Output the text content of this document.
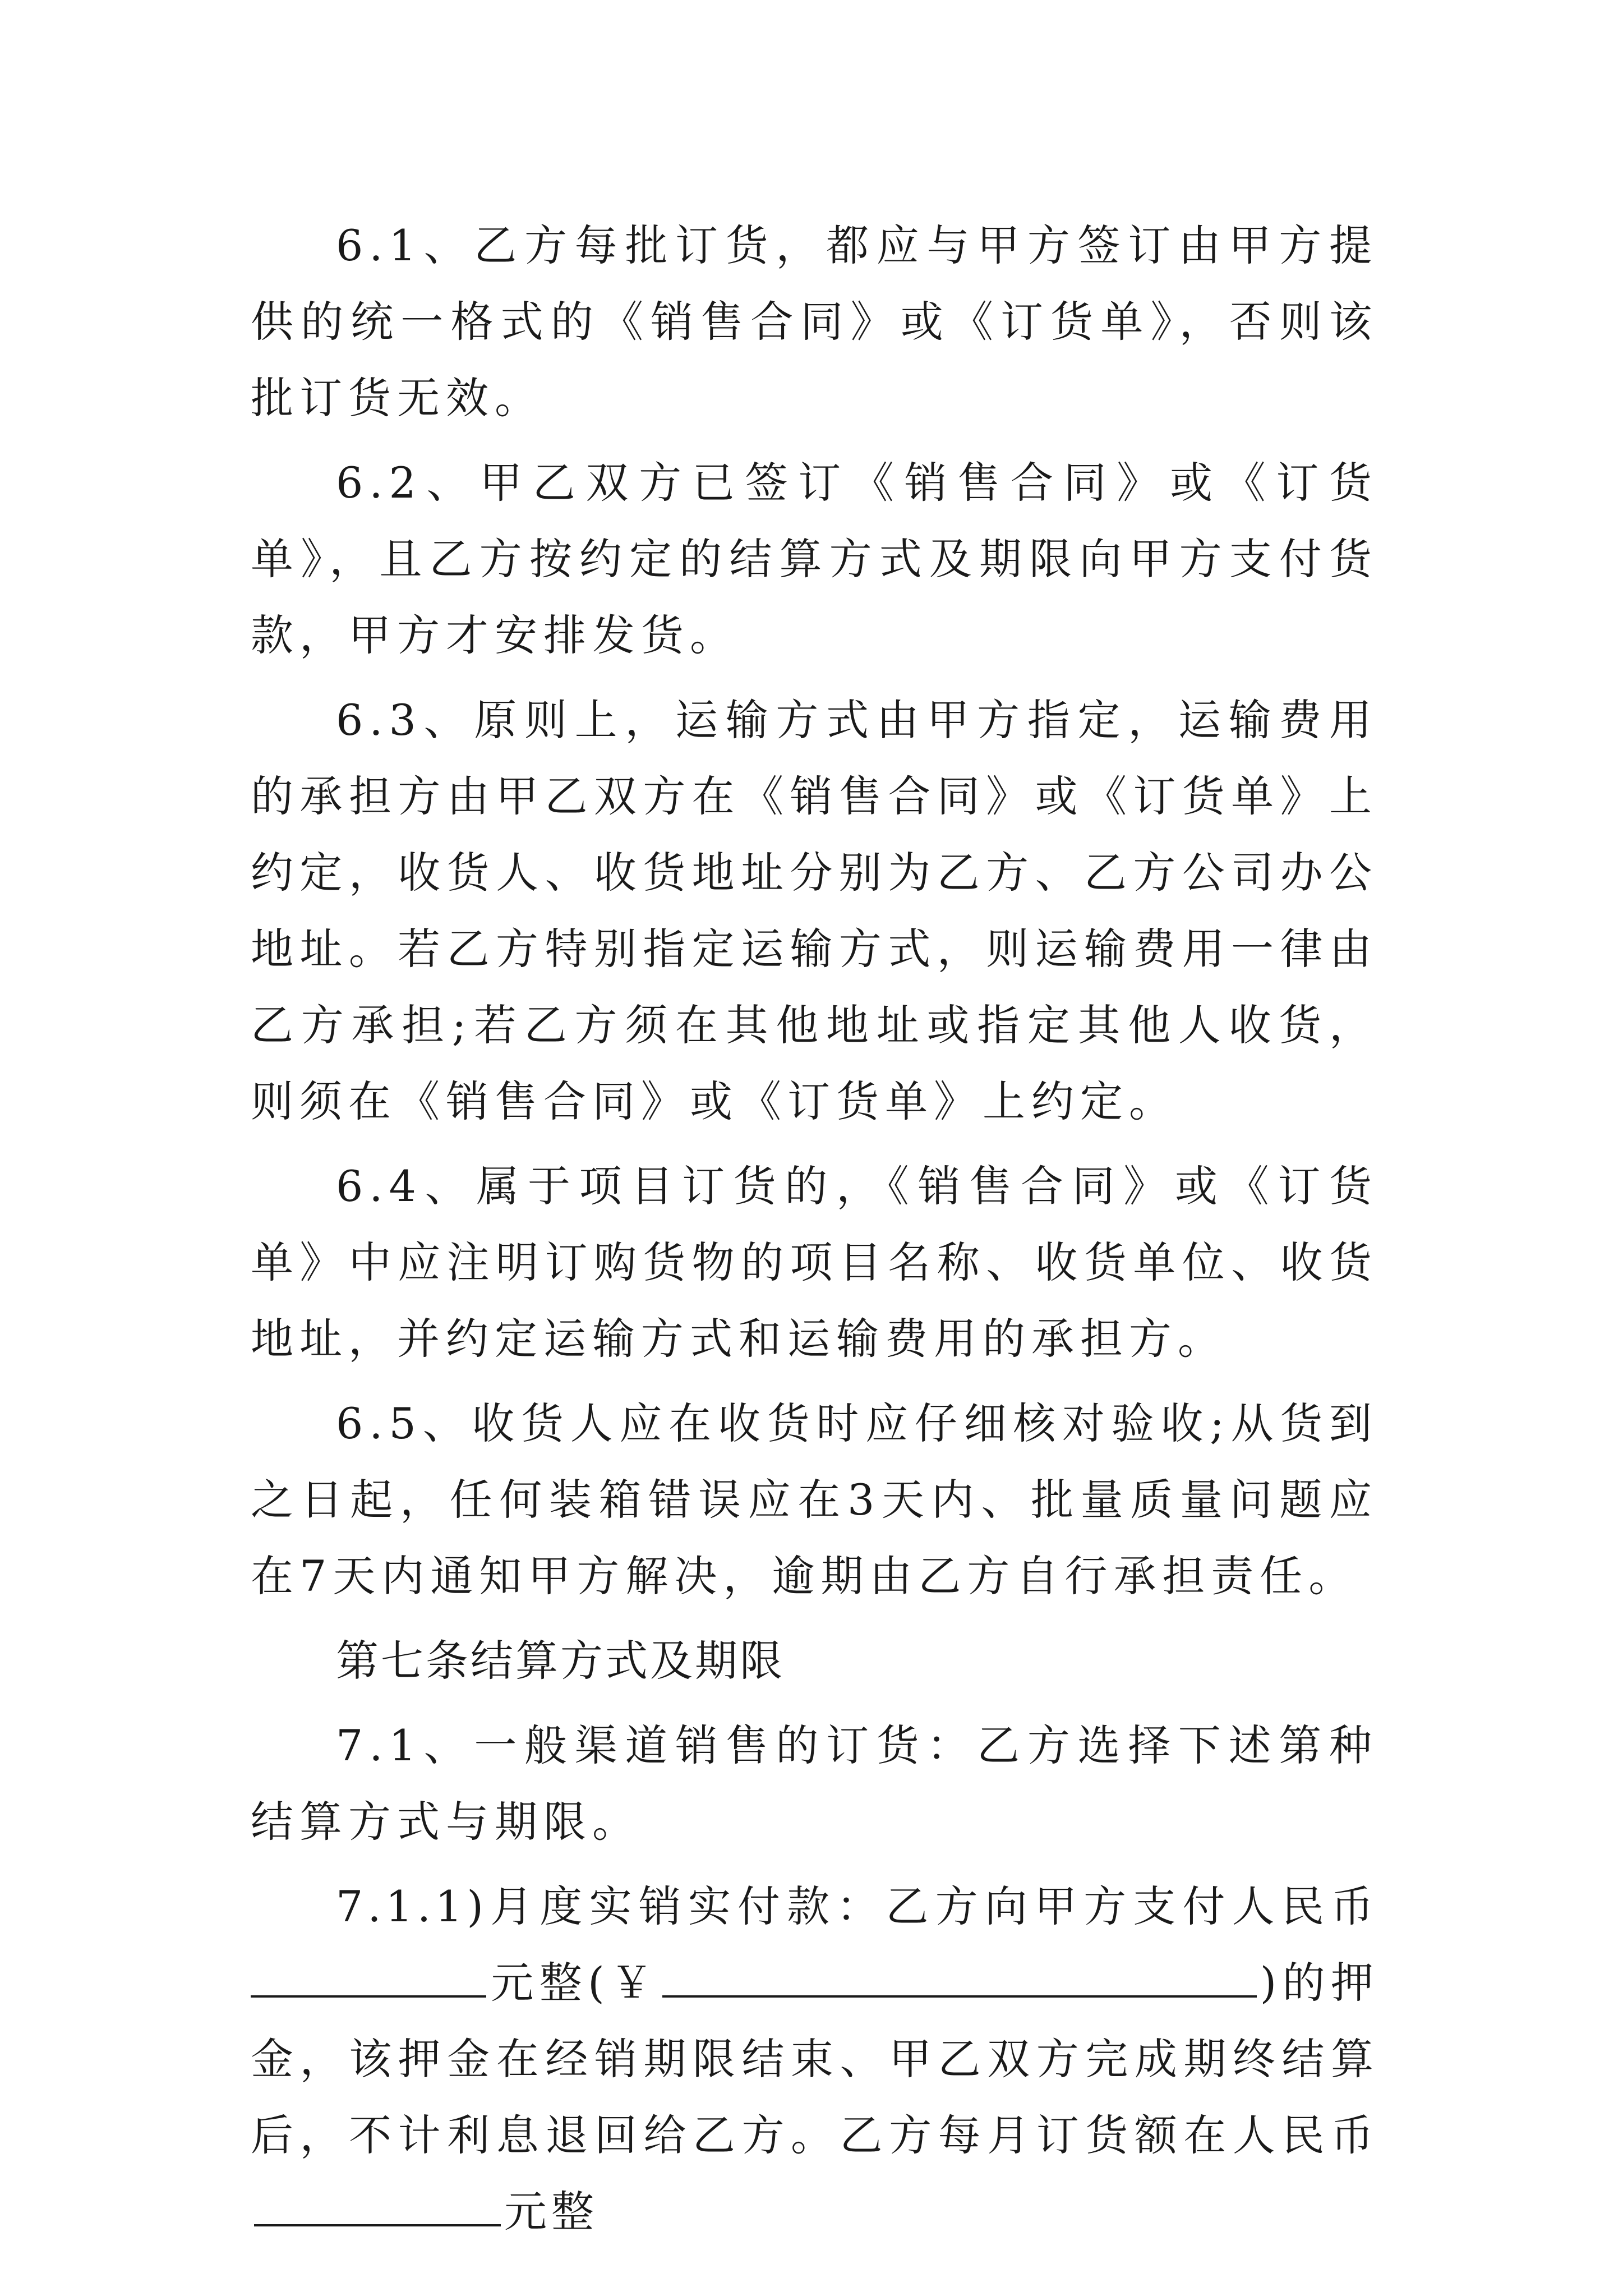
6.1、乙方每批订货，都应与甲方签订由甲方提供的统一格式的《销售合同》或《订货单》，否则该批订货无效。

6.2、甲乙双方已签订《销售合同》或《订货单》，且乙方按约定的结算方式及期限向甲方支付货款，甲方才安排发货。

6.3、原则上，运输方式由甲方指定，运输费用的承担方由甲乙双方在《销售合同》或《订货单》上约定，收货人、收货地址分别为乙方、乙方公司办公地址。若乙方特别指定运输方式，则运输费用一律由乙方承担;若乙方须在其他地址或指定其他人收货，则须在《销售合同》或《订货单》上约定。

6.4、属于项目订货的，《销售合同》或《订货单》中应注明订购货物的项目名称、收货单位、收货地址，并约定运输方式和运输费用的承担方。

6.5、收货人应在收货时应仔细核对验收;从货到之日起，任何装箱错误应在3天内、批量质量问题应在7天内通知甲方解决，逾期由乙方自行承担责任。

第七条结算方式及期限

7.1、一般渠道销售的订货：乙方选择下述第种结算方式与期限。

7.1.1)月度实销实付款：乙方向甲方支付人民币元整(￥	)的押金，该押金在经销期限结束、甲乙双方完成期终结算后，不计利息退回给乙方。乙方每月订货额在人民币元整
